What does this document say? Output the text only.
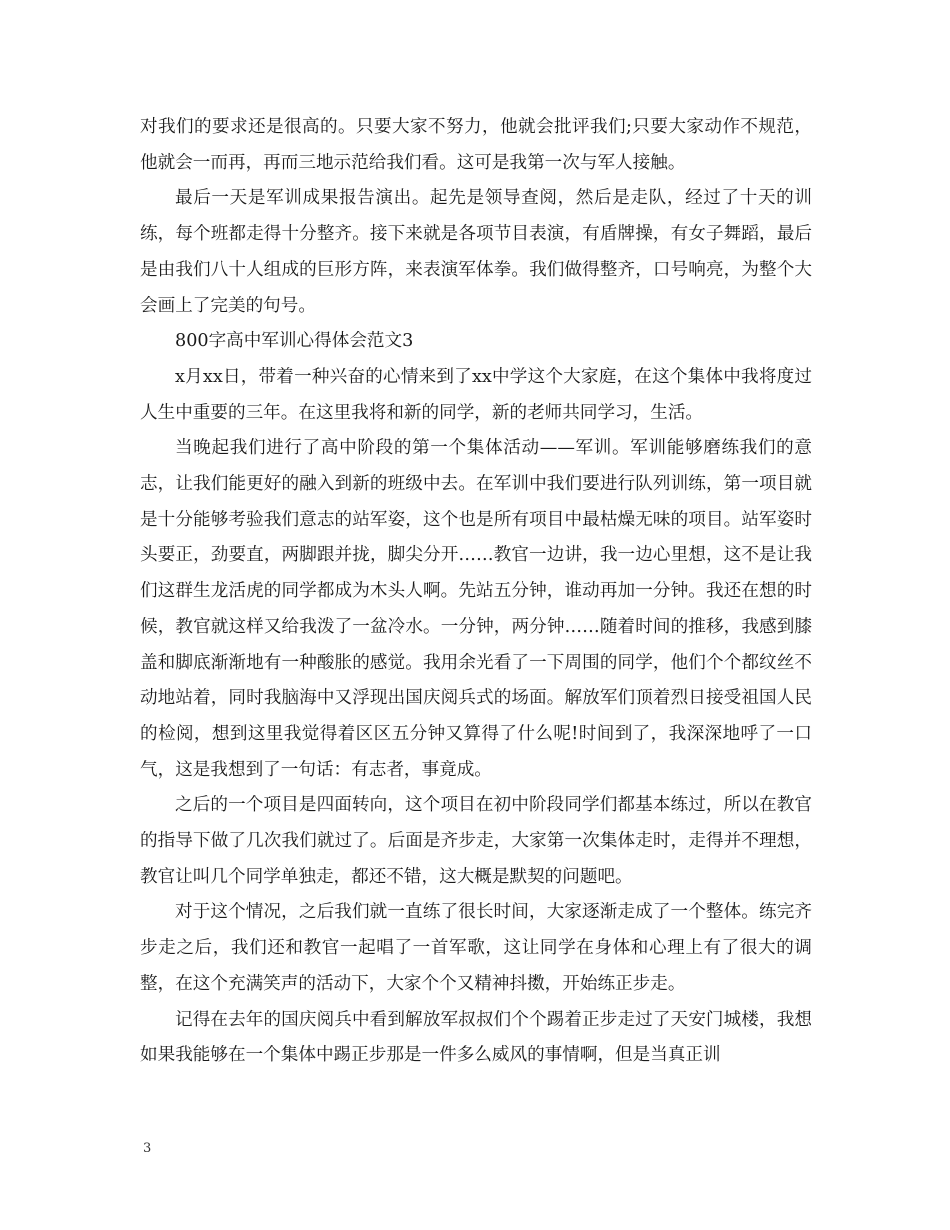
对我们的要求还是很高的。只要大家不努力，他就会批评我们;只要大家动作不规范，他就会一而再，再而三地示范给我们看。这可是我第一次与军人接触。

最后一天是军训成果报告演出。起先是领导查阅，然后是走队，经过了十天的训练，每个班都走得十分整齐。接下来就是各项节目表演，有盾牌操，有女子舞蹈，最后是由我们八十人组成的巨形方阵，来表演军体拳。我们做得整齐，口号响亮，为整个大会画上了完美的句号。

800字高中军训心得体会范文3

x月xx日，带着一种兴奋的心情来到了xx中学这个大家庭，在这个集体中我将度过人生中重要的三年。在这里我将和新的同学，新的老师共同学习，生活。

当晚起我们进行了高中阶段的第一个集体活动——军训。军训能够磨练我们的意志，让我们能更好的融入到新的班级中去。在军训中我们要进行队列训练，第一项目就是十分能够考验我们意志的站军姿，这个也是所有项目中最枯燥无味的项目。站军姿时头要正，劲要直，两脚跟并拢，脚尖分开……教官一边讲，我一边心里想，这不是让我们这群生龙活虎的同学都成为木头人啊。先站五分钟，谁动再加一分钟。我还在想的时候，教官就这样又给我泼了一盆冷水。一分钟，两分钟……随着时间的推移，我感到膝盖和脚底渐渐地有一种酸胀的感觉。我用余光看了一下周围的同学，他们个个都纹丝不动地站着，同时我脑海中又浮现出国庆阅兵式的场面。解放军们顶着烈日接受祖国人民的检阅，想到这里我觉得着区区五分钟又算得了什么呢!时间到了，我深深地呼了一口气，这是我想到了一句话：有志者，事竟成。

之后的一个项目是四面转向，这个项目在初中阶段同学们都基本练过，所以在教官的指导下做了几次我们就过了。后面是齐步走，大家第一次集体走时，走得并不理想，教官让叫几个同学单独走，都还不错，这大概是默契的问题吧。

对于这个情况，之后我们就一直练了很长时间，大家逐渐走成了一个整体。练完齐步走之后，我们还和教官一起唱了一首军歌，这让同学在身体和心理上有了很大的调整，在这个充满笑声的活动下，大家个个又精神抖擞，开始练正步走。

记得在去年的国庆阅兵中看到解放军叔叔们个个踢着正步走过了天安门城楼，我想如果我能够在一个集体中踢正步那是一件多么威风的事情啊，但是当真正训

3
